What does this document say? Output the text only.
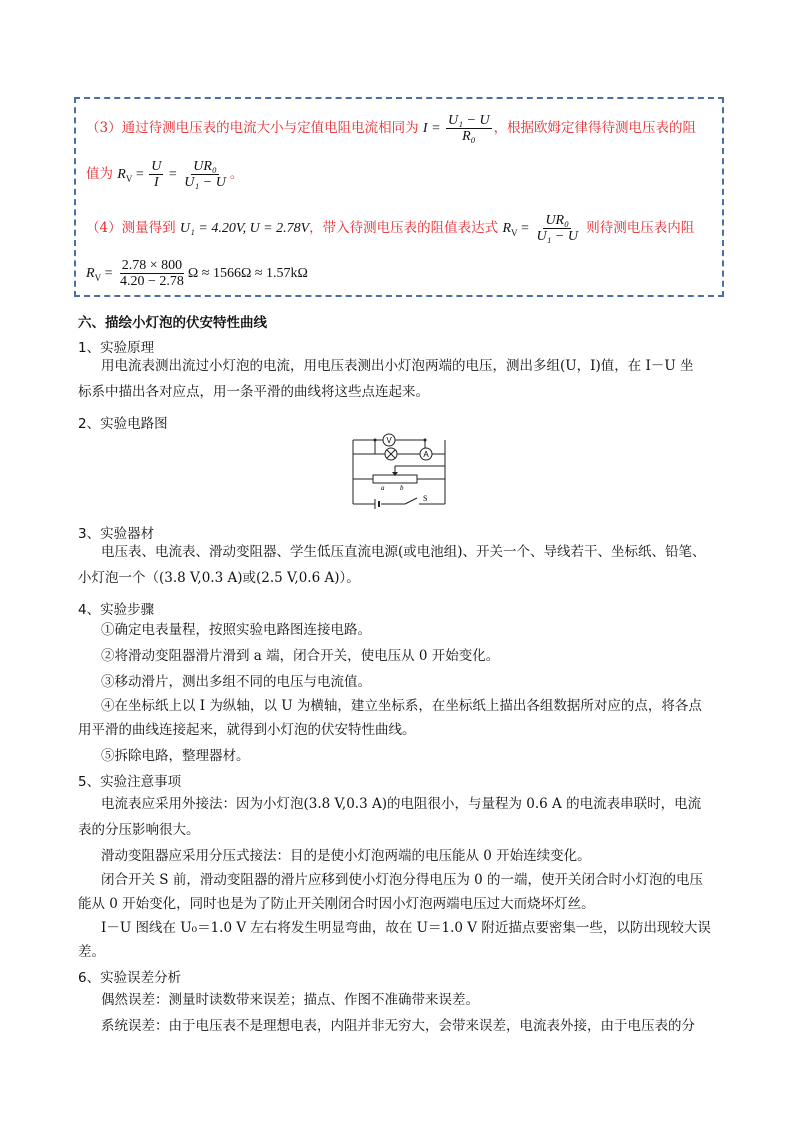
（3）通过待测电压表的电流大小与定值电阻电流相同为 $I = \frac{\text{U₁ − U}}{\text{R₀}}$ ，根据欧姆定律得待测电压表的阻
值为 $R_V = \frac{U}{I} = \frac{\text{UR₀}}{\text{U₁ − U}}$ 。
（4）测量得到 U₁ = 4.20V, U = 2.78V，带入待测电压表的阻值表达式 $R_V = \frac{\text{UR₀}}{\text{U₁ − U}}$ 则待测电压表内阻
$R_V = \frac{2.78 \times 800}{4.20 - 2.78}$ Ω ≈ 1566Ω ≈ 1.57kΩ
六、描绘小灯泡的伏安特性曲线
1、实验原理
用电流表测出流过小灯泡的电流，用电压表测出小灯泡两端的电压，测出多组(U，I)值，在 I－U 坐
标系中描出各对应点，用一条平滑的曲线将这些点连起来。
2、实验电路图
V
A
a b
S
3、实验器材
电压表、电流表、滑动变阻器、学生低压直流电源(或电池组)、开关一个、导线若干、坐标纸、铅笔、
小灯泡一个（(3.8 V,0.3 A)或(2.5 V,0.6 A)）。
4、实验步骤
①确定电表量程，按照实验电路图连接电路。
②将滑动变阻器滑片滑到 a 端，闭合开关，使电压从 0 开始变化。
③移动滑片，测出多组不同的电压与电流值。
④在坐标纸上以 I 为纵轴，以 U 为横轴，建立坐标系，在坐标纸上描出各组数据所对应的点，将各点
用平滑的曲线连接起来，就得到小灯泡的伏安特性曲线。
⑤拆除电路，整理器材。
5、实验注意事项
电流表应采用外接法：因为小灯泡(3.8 V,0.3 A)的电阻很小，与量程为 0.6 A 的电流表串联时，电流
表的分压影响很大。
滑动变阻器应采用分压式接法：目的是使小灯泡两端的电压能从 0 开始连续变化。
闭合开关 S 前，滑动变阻器的滑片应移到使小灯泡分得电压为 0 的一端，使开关闭合时小灯泡的电压
能从 0 开始变化，同时也是为了防止开关刚闭合时因小灯泡两端电压过大而烧坏灯丝。
I－U 图线在 U₀＝1.0 V 左右将发生明显弯曲，故在 U＝1.0 V 附近描点要密集一些，以防出现较大误
差。
6、实验误差分析
偶然误差：测量时读数带来误差；描点、作图不准确带来误差。
系统误差：由于电压表不是理想电表，内阻并非无穷大，会带来误差，电流表外接，由于电压表的分
